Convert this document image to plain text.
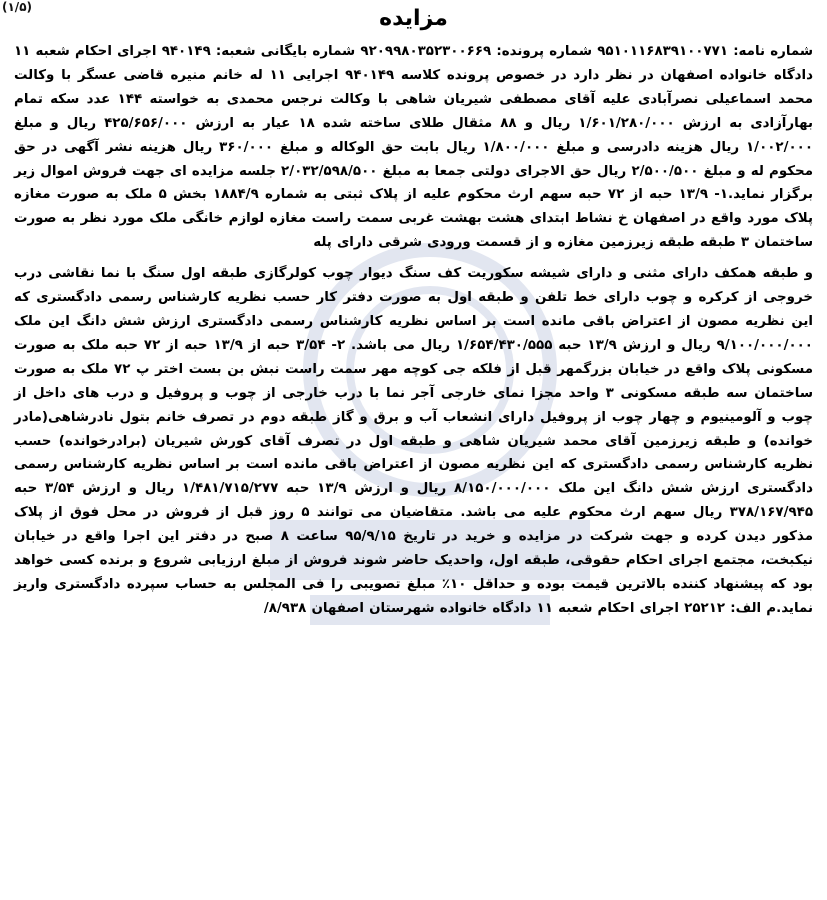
(۱/۵)	مزایده

شماره نامه: ۹۵۱۰۱۱۶۸۳۹۱۰۰۷۷۱ شماره پرونده: ۹۲۰۹۹۸۰۳۵۲۳۰۰۶۶۹ شماره بایگانی شعبه: ۹۴۰۱۴۹ اجرای احکام شعبه ۱۱ دادگاه خانواده اصفهان در نظر دارد در خصوص پرونده کلاسه ۹۴۰۱۴۹ اجرایی ۱۱ له خانم منیره قاضی عسگر با وکالت محمد اسماعیلی نصرآبادی علیه آقای مصطفی شیریان شاهی با وکالت نرجس محمدی به خواسته ۱۴۴ عدد سکه تمام بهارآزادی به ارزش ۱/۶۰۱/۲۸۰/۰۰۰ ریال و ۸۸ مثقال طلای ساخته شده ۱۸ عیار به ارزش ۴۲۵/۶۵۶/۰۰۰ ریال و مبلغ ۱/۰۰۲/۰۰۰ ریال هزینه دادرسی و مبلغ ۱/۸۰۰/۰۰۰ ریال بابت حق الوکاله و مبلغ ۳۶۰/۰۰۰ ریال هزینه نشر آگهی در حق محکوم له و مبلغ ۲/۵۰۰/۵۰۰ ریال حق الاجرای دولتی جمعا به مبلغ ۲/۰۳۲/۵۹۸/۵۰۰ جلسه مزایده ای جهت فروش اموال زیر برگزار نماید.۱- ۱۳/۹ حبه از ۷۲ حبه سهم ارث محکوم علیه از پلاک ثبتی به شماره ۱۸۸۴/۹ بخش ۵ ملک به صورت مغازه پلاک مورد واقع در اصفهان خ نشاط ابتدای هشت بهشت غربی سمت راست مغازه لوازم خانگی ملک مورد نظر به صورت ساختمان ۳ طبقه طبقه زیرزمین مغازه و از قسمت ورودی شرقی دارای پله

و طبقه همکف دارای مثنی و دارای شیشه سکوریت کف سنگ دیوار چوب کولرگازی طبقه اول سنگ با نما نقاشی درب خروجی از کرکره و چوب دارای خط تلفن و طبقه اول به صورت دفتر کار حسب نظریه کارشناس رسمی دادگستری که این نظریه مصون از اعتراض باقی مانده است بر اساس نظریه کارشناس رسمی دادگستری ارزش شش دانگ این ملک ۹/۱۰۰/۰۰۰/۰۰۰ ریال و ارزش ۱۳/۹ حبه ۱/۶۵۴/۴۳۰/۵۵۵ ریال می باشد. ۲- ۳/۵۴ حبه از ۱۳/۹ حبه از ۷۲ حبه ملک به صورت مسکونی پلاک واقع در خیابان بزرگمهر قبل از فلکه جی کوچه مهر سمت راست نبش بن بست اختر پ ۷۲ ملک به صورت ساختمان سه طبقه مسکونی ۳ واحد مجزا نمای خارجی آجر نما با درب خارجی از چوب و پروفیل و درب های داخل از چوب و آلومینیوم و چهار چوب از پروفیل دارای انشعاب آب و برق و گاز طبقه دوم در تصرف خانم بتول نادرشاهی(مادر خوانده) و طبقه زیرزمین آقای محمد شیریان شاهی و طبقه اول در تصرف آقای کورش شیریان (برادرخوانده) حسب نظریه کارشناس رسمی دادگستری که این نظریه مصون از اعتراض باقی مانده است بر اساس نظریه کارشناس رسمی دادگستری ارزش شش دانگ این ملک ۸/۱۵۰/۰۰۰/۰۰۰ ریال و ارزش ۱۳/۹ حبه ۱/۴۸۱/۷۱۵/۲۷۷ ریال و ارزش ۳/۵۴ حبه ۳۷۸/۱۶۷/۹۴۵ ریال سهم ارث محکوم علیه می باشد. متقاضیان می توانند ۵ روز قبل از فروش در محل فوق از پلاک مذکور دیدن کرده و جهت شرکت در مزایده و خرید در تاریخ ۹۵/۹/۱۵ ساعت ۸ صبح در دفتر این اجرا واقع در خیابان نیکبخت، مجتمع اجرای احکام حقوقی، طبقه اول، واحدیک حاضر شوند فروش از مبلغ ارزیابی شروع و برنده کسی خواهد بود که پیشنهاد کننده بالاترین قیمت بوده و حداقل ۱۰٪ مبلغ تصویبی را فی المجلس به حساب سپرده دادگستری واریز نماید.م الف: ۲۵۲۱۲ اجرای احکام شعبه ۱۱ دادگاه خانواده شهرستان اصفهان ۸/۹۳۸/
